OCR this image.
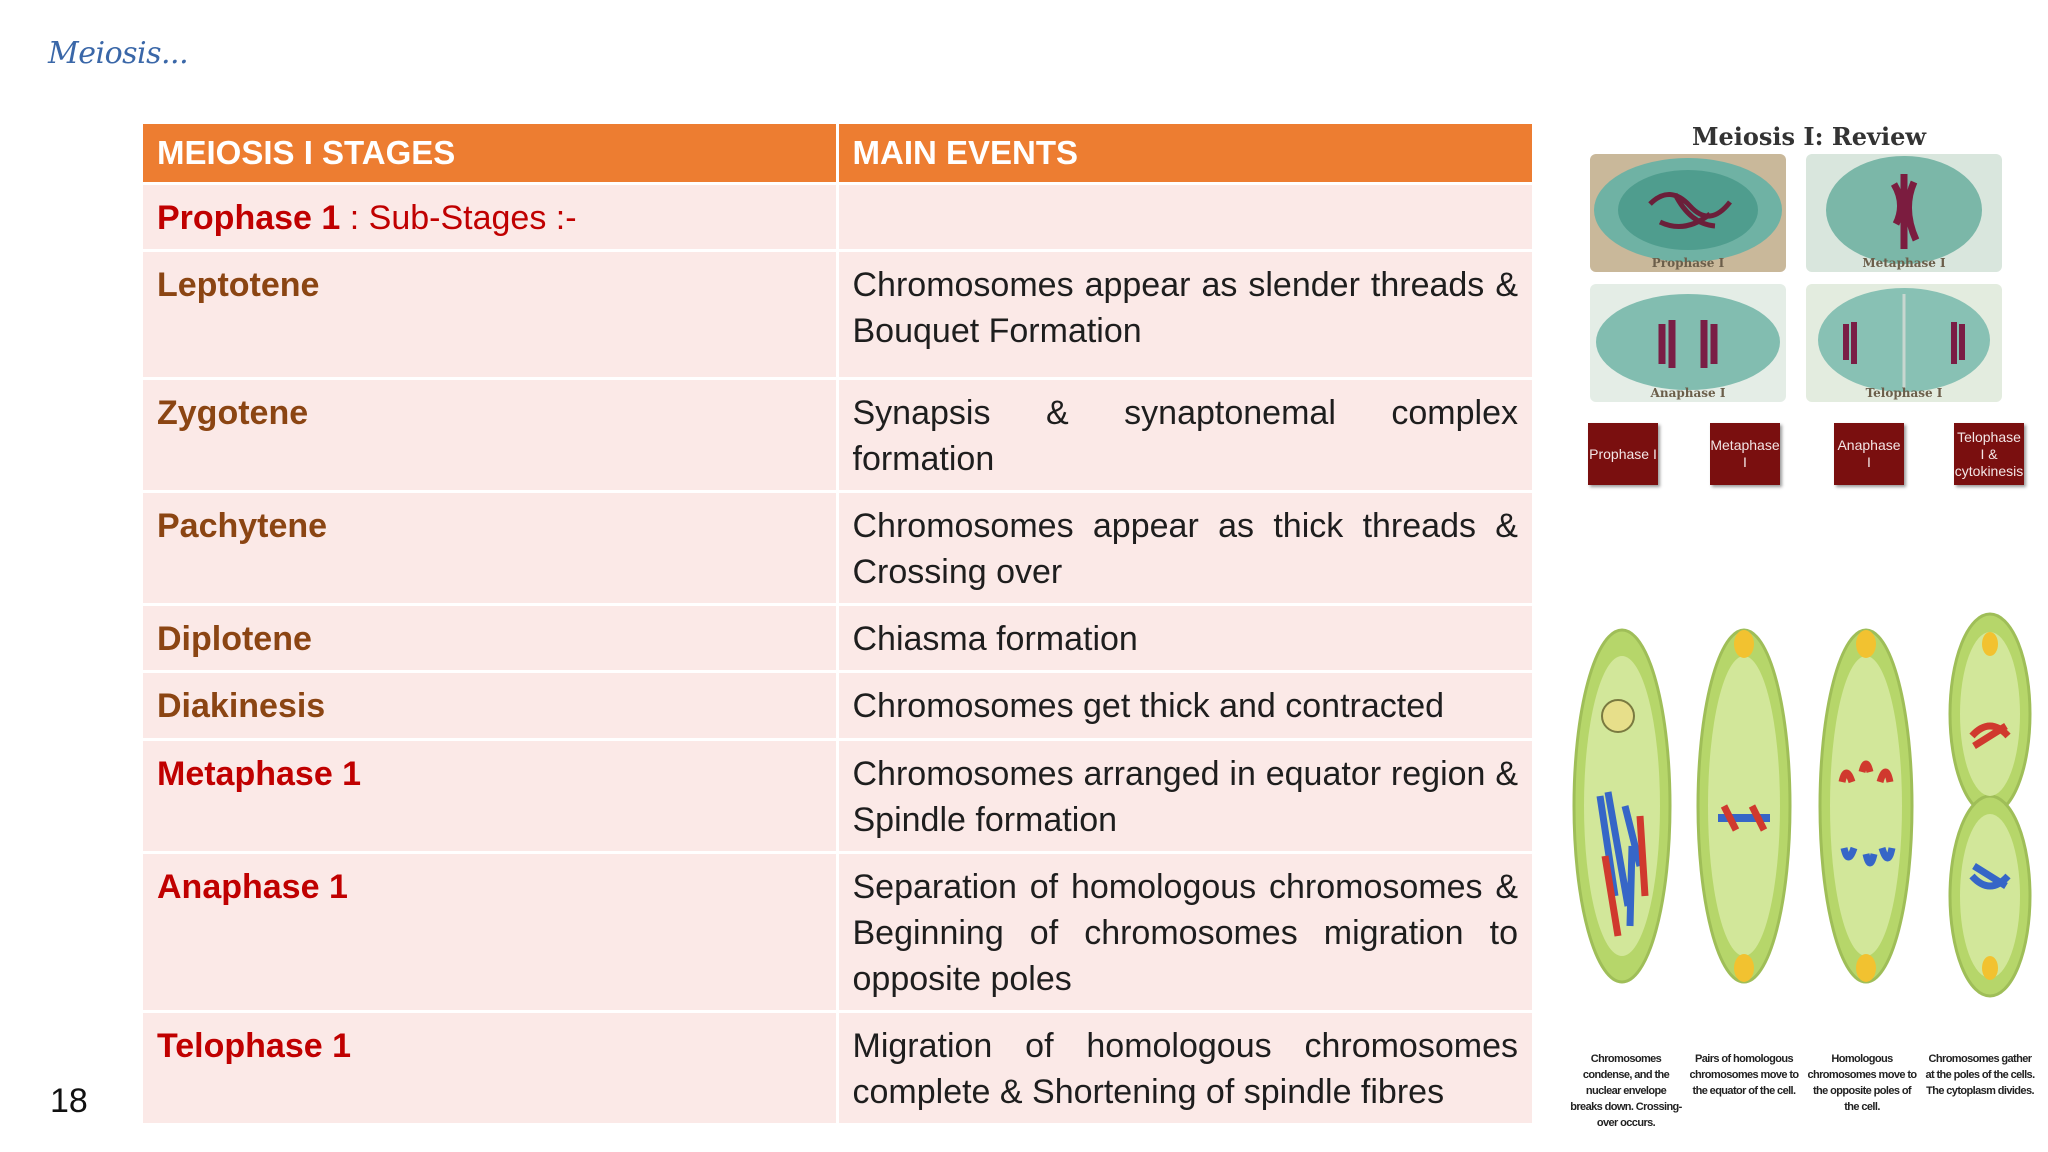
Meiosis...
MEIOSIS I STAGES	MAIN EVENTS
Prophase 1 : Sub-Stages :-	
Leptotene	Chromosomes appear as slender threads & Bouquet Formation
Zygotene	Synapsis & synaptonemal complex formation
Pachytene	Chromosomes appear as thick threads & Crossing over
Diplotene	Chiasma formation
Diakinesis	Chromosomes get thick and contracted
Metaphase 1	Chromosomes arranged in equator region & Spindle formation
Anaphase 1	Separation of homologous chromosomes & Beginning of chromosomes migration to opposite poles
Telophase 1	Migration of homologous chromosomes complete & Shortening of spindle fibres
18
Meiosis I: Review
Prophase I	Metaphase I
Anaphase I	Telophase I
Prophase I
Metaphase I
Anaphase I
Telophase I & cytokinesis
Chromosomes condense, and the nuclear envelope breaks down. Crossing-over occurs.
Pairs of homologous chromosomes move to the equator of the cell.
Homologous chromosomes move to the opposite poles of the cell.
Chromosomes gather at the poles of the cells. The cytoplasm divides.
